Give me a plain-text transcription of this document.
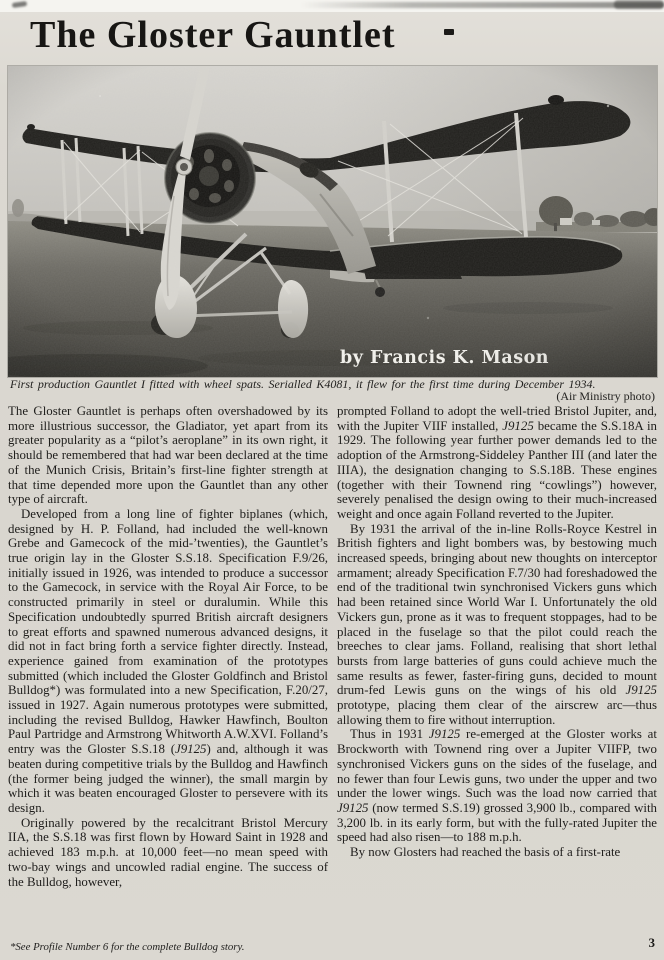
The Gloster Gauntlet
First production Gauntlet I fitted with wheel spats. Serialled K4081, it flew for the first time during December 1934.
(Air Ministry photo)

The Gloster Gauntlet is perhaps often overshadowed by its more illustrious successor, the Gladiator, yet apart from its greater popularity as a “pilot’s aeroplane” in its own right, it should be remembered that had war been declared at the time of the Munich Crisis, Britain’s first-line fighter strength at that time depended more upon the Gauntlet than any other type of aircraft.

Developed from a long line of fighter biplanes (which, designed by H. P. Folland, had included the well-known Grebe and Gamecock of the mid-’twenties), the Gauntlet’s true origin lay in the Gloster S.S.18. Specification F.9/26, initially issued in 1926, was intended to produce a successor to the Gamecock, in service with the Royal Air Force, to be constructed primarily in steel or duralumin. While this Specification undoubtedly spurred British aircraft designers to great efforts and spawned numerous advanced designs, it did not in fact bring forth a service fighter directly. Instead, experience gained from examination of the prototypes submitted (which included the Gloster Goldfinch and Bristol Bulldog*) was formulated into a new Specification, F.20/27, issued in 1927. Again numerous prototypes were submitted, including the revised Bulldog, Hawker Hawfinch, Boulton Paul Partridge and Armstrong Whitworth A.W.XVI. Folland’s entry was the Gloster S.S.18 (J9125) and, although it was beaten during competitive trials by the Bulldog and Hawfinch (the former being judged the winner), the small margin by which it was beaten encouraged Gloster to persevere with its design.

Originally powered by the recalcitrant Bristol Mercury IIA, the S.S.18 was first flown by Howard Saint in 1928 and achieved 183 m.p.h. at 10,000 feet—no mean speed with two-bay wings and uncowled radial engine. The success of the Bulldog, however,

prompted Folland to adopt the well-tried Bristol Jupiter, and, with the Jupiter VIIF installed, J9125 became the S.S.18A in 1929. The following year further power demands led to the adoption of the Armstrong-Siddeley Panther III (and later the IIIA), the designation changing to S.S.18B. These engines (together with their Townend ring “cowlings”) however, severely penalised the design owing to their much-increased weight and once again Folland reverted to the Jupiter.

By 1931 the arrival of the in-line Rolls-Royce Kestrel in British fighters and light bombers was, by bestowing much increased speeds, bringing about new thoughts on interceptor armament; already Specification F.7/30 had foreshadowed the end of the traditional twin synchronised Vickers guns which had been retained since World War I. Unfortunately the old Vickers gun, prone as it was to frequent stoppages, had to be placed in the fuselage so that the pilot could reach the breeches to clear jams. Folland, realising that short lethal bursts from large batteries of guns could achieve much the same results as fewer, faster-firing guns, decided to mount drum-fed Lewis guns on the wings of his old J9125 prototype, placing them clear of the airscrew arc—thus allowing them to fire without interruption.

Thus in 1931 J9125 re-emerged at the Gloster works at Brockworth with Townend ring over a Jupiter VIIFP, two synchronised Vickers guns on the sides of the fuselage, and no fewer than four Lewis guns, two under the upper and two under the lower wings. Such was the load now carried that J9125 (now termed S.S.19) grossed 3,900 lb., compared with 3,200 lb. in its early form, but with the fully-rated Jupiter the speed had also risen—to 188 m.p.h.

By now Glosters had reached the basis of a first-rate

*See Profile Number 6 for the complete Bulldog story.	3
